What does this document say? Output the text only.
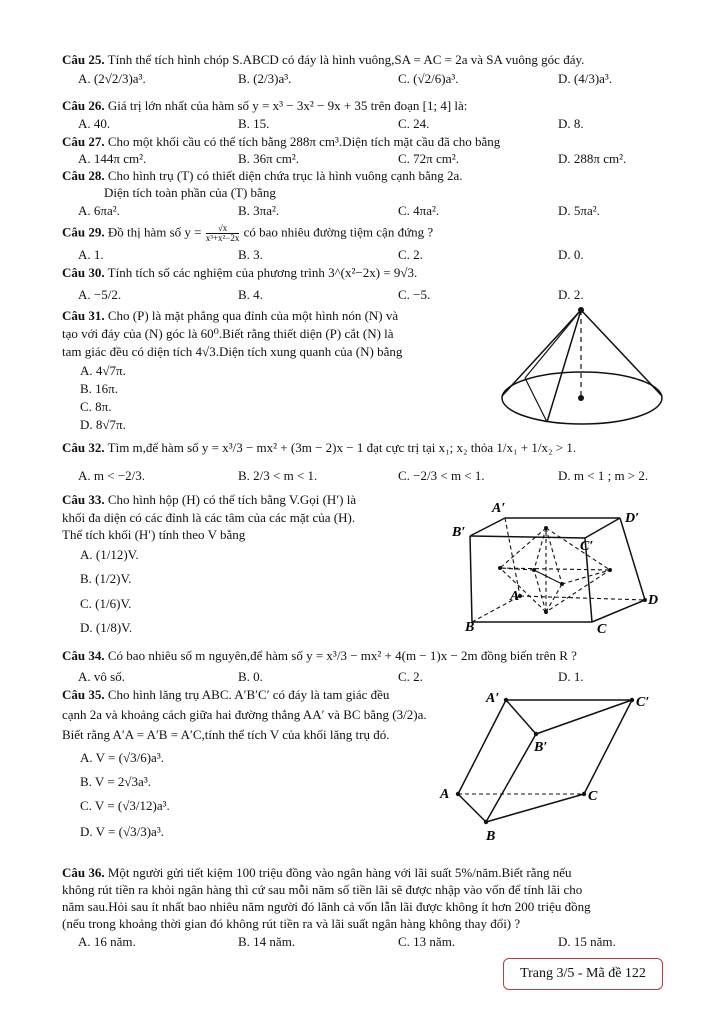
Câu 25. Tính thể tích hình chóp S.ABCD có đáy là hình vuông,SA = AC = 2a và SA vuông góc đáy.
A. (2√2/3)a³.	B. (2/3)a³.	C. (√2/6)a³.	D. (4/3)a³.
Câu 26. Giá trị lớn nhất của hàm số y = x³ − 3x² − 9x + 35 trên đoạn [1; 4] là:
A. 40.	B. 15.	C. 24.	D. 8.
Câu 27. Cho một khối cầu có thể tích bằng 288π cm³.Diện tích mặt cầu đã cho bằng
A. 144π cm².	B. 36π cm².	C. 72π cm².	D. 288π cm².
Câu 28. Cho hình trụ (T) có thiết diện chứa trục là hình vuông cạnh bằng 2a.
Diện tích toàn phần của (T) bằng
A. 6πa².	B. 3πa².	C. 4πa².	D. 5πa².
Câu 29. Đồ thị hàm số $y = \frac{√x}{\text{x³+x²−2x}}$ có bao nhiêu đường tiệm cận đứng ?
A. 1.	B. 3.	C. 2.	D. 0.
Câu 30. Tính tích số các nghiệm của phương trình 3^(x²−2x) = 9√3.
A. −5/2.	B. 4.	C. −5.	D. 2.
Câu 31. Cho (P) là mặt phẳng qua đỉnh của một hình nón (N) và
tạo với đáy của (N) góc là 60⁰.Biết rằng thiết diện (P) cắt (N) là
tam giác đều có diện tích 4√3.Diện tích xung quanh của (N) bằng
A. 4√7π.
B. 16π.
C. 8π.
D. 8√7π.
Câu 32. Tìm m,để hàm số y = x³/3 − mx² + (3m − 2)x − 1 đạt cực trị tại x₁; x₂ thỏa 1/x₁ + 1/x₂ > 1.
A. m < −2/3.	B. 2/3 < m < 1.	C. −2/3 < m < 1.	D. m < 1 ; m > 2.
Câu 33. Cho hình hộp (H) có thể tích bằng V.Gọi (H′) là
khối đa diện có các đỉnh là các tâm của các mặt của (H).
Thể tích khối (H′) tính theo V bằng
A. (1/12)V.
B. (1/2)V.
C. (1/6)V.
D. (1/8)V.
A′
D′
B′
C′
A	D
B	C
Câu 34. Có bao nhiêu số m nguyên,để hàm số y = x³/3 − mx² + 4(m − 1)x − 2m đồng biến trên R ?
A. vô số.	B. 0.	C. 2.	D. 1.
Câu 35. Cho hình lăng trụ ABC. A′B′C′ có đáy là tam giác đều
cạnh 2a và khoảng cách giữa hai đường thẳng AA′ và BC bằng (3/2)a.
Biết rằng A′A = A′B = A′C,tính thể tích V của khối lăng trụ đó.
A. V = (√3/6)a³.
B. V = 2√3a³.
C. V = (√3/12)a³.
D. V = (√3/3)a³.
A′	C′
B′
A	C
B
Câu 36. Một người gửi tiết kiệm 100 triệu đồng vào ngân hàng với lãi suất 5%/năm.Biết rằng nếu
không rút tiền ra khỏi ngân hàng thì cứ sau mỗi năm số tiền lãi sẽ được nhập vào vốn để tính lãi cho
năm sau.Hỏi sau ít nhất bao nhiêu năm người đó lãnh cả vốn lẫn lãi được không ít hơn 200 triệu đồng
(nếu trong khoảng thời gian đó không rút tiền ra và lãi suất ngân hàng không thay đổi) ?
A. 16 năm.	B. 14 năm.	C. 13 năm.	D. 15 năm.
Trang 3/5 - Mã đề 122
